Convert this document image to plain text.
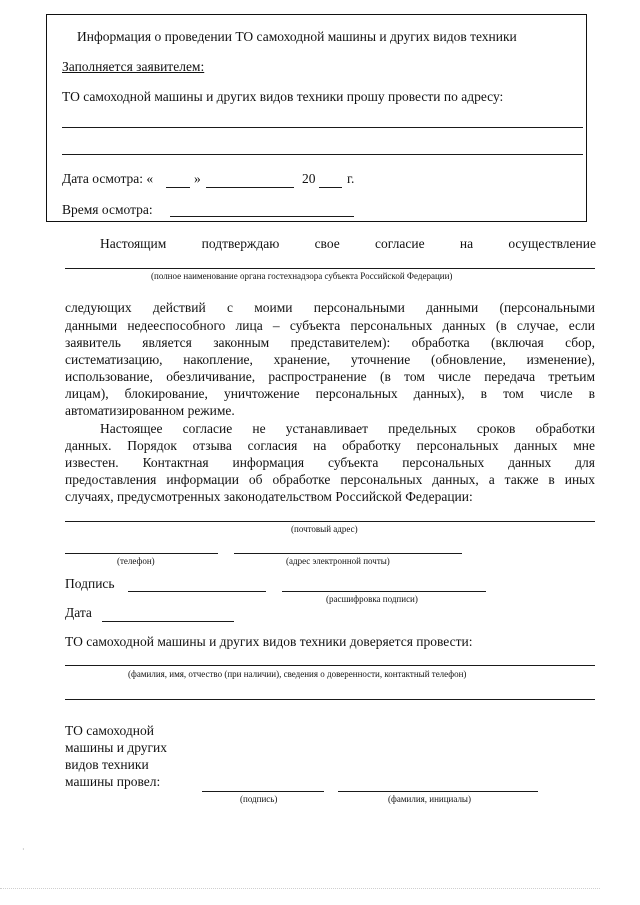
Информация о проведении ТО самоходной машины и других видов техники
Заполняется заявителем:
ТО самоходной машины и других видов техники прошу провести по адресу:
Дата осмотра: «	»	20 г.
Время осмотра:
Настоящим	подтверждаю	свое	согласие	на	осуществление
(полное наименование органа гостехнадзора субъекта Российской Федерации)
следующих действий с моими персональными данными (персональными
данными недееспособного лица – субъекта персональных данных (в случае, если
заявитель является законным представителем): обработка (включая сбор,
систематизацию, накопление, хранение, уточнение (обновление, изменение),
использование, обезличивание, распространение (в том числе передача третьим
лицам), блокирование, уничтожение персональных данных), в том числе в
автоматизированном режиме.
Настоящее согласие не устанавливает предельных сроков обработки
данных. Порядок отзыва согласия на обработку персональных данных мне
известен. Контактная информация субъекта персональных данных для
предоставления информации об обработке персональных данных, а также в иных
случаях, предусмотренных законодательством Российской Федерации:
(почтовый адрес)
(телефон)	(адрес электронной почты)
Подпись
(расшифровка подписи)
Дата
ТО самоходной машины и других видов техники доверяется провести:
(фамилия, имя, отчество (при наличии), сведения о доверенности, контактный телефон)
ТО самоходной
машины и других
видов техники
машины провел:
(подпись)	(фамилия, инициалы)
·
